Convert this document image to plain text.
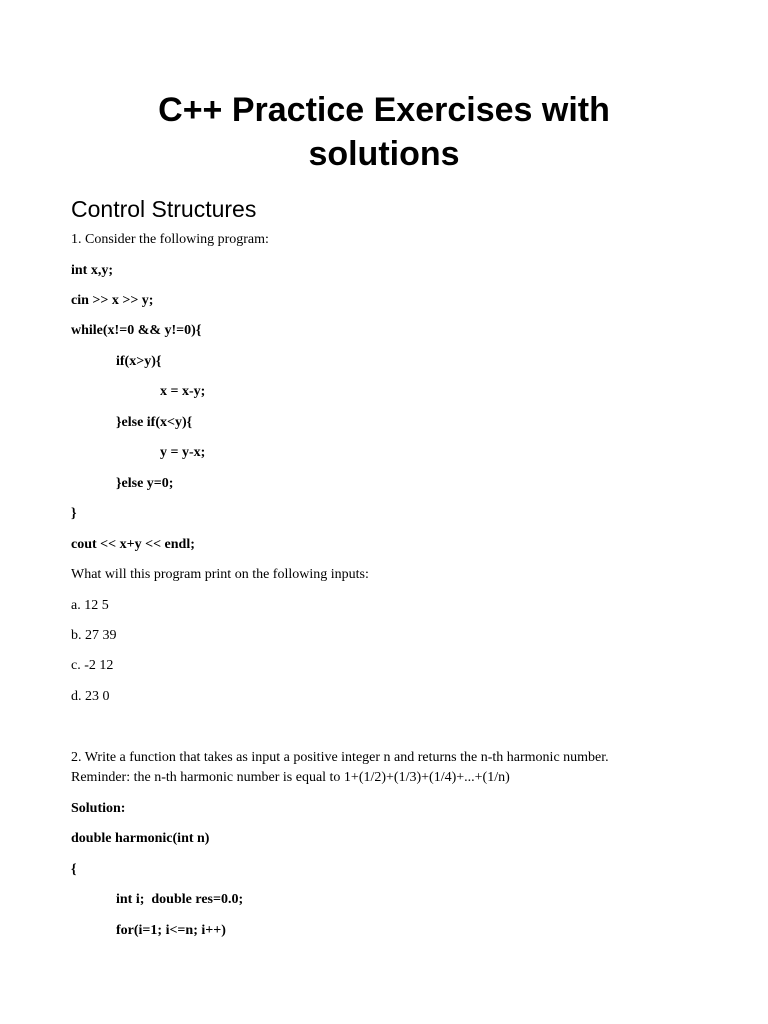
C++ Practice Exercises with
solutions
Control Structures
1. Consider the following program:
int x,y;
cin >> x >> y;
while(x!=0 && y!=0){
if(x>y){
x = x-y;
}else if(x<y){
y = y-x;
}else y=0;
}
cout << x+y << endl;
What will this program print on the following inputs:
a. 12 5
b. 27 39
c. -2 12
d. 23 0
2. Write a function that takes as input a positive integer n and returns the n-th harmonic number.
Reminder: the n-th harmonic number is equal to 1+(1/2)+(1/3)+(1/4)+...+(1/n)
Solution:
double harmonic(int n)
{
int i;  double res=0.0;
for(i=1; i<=n; i++)
